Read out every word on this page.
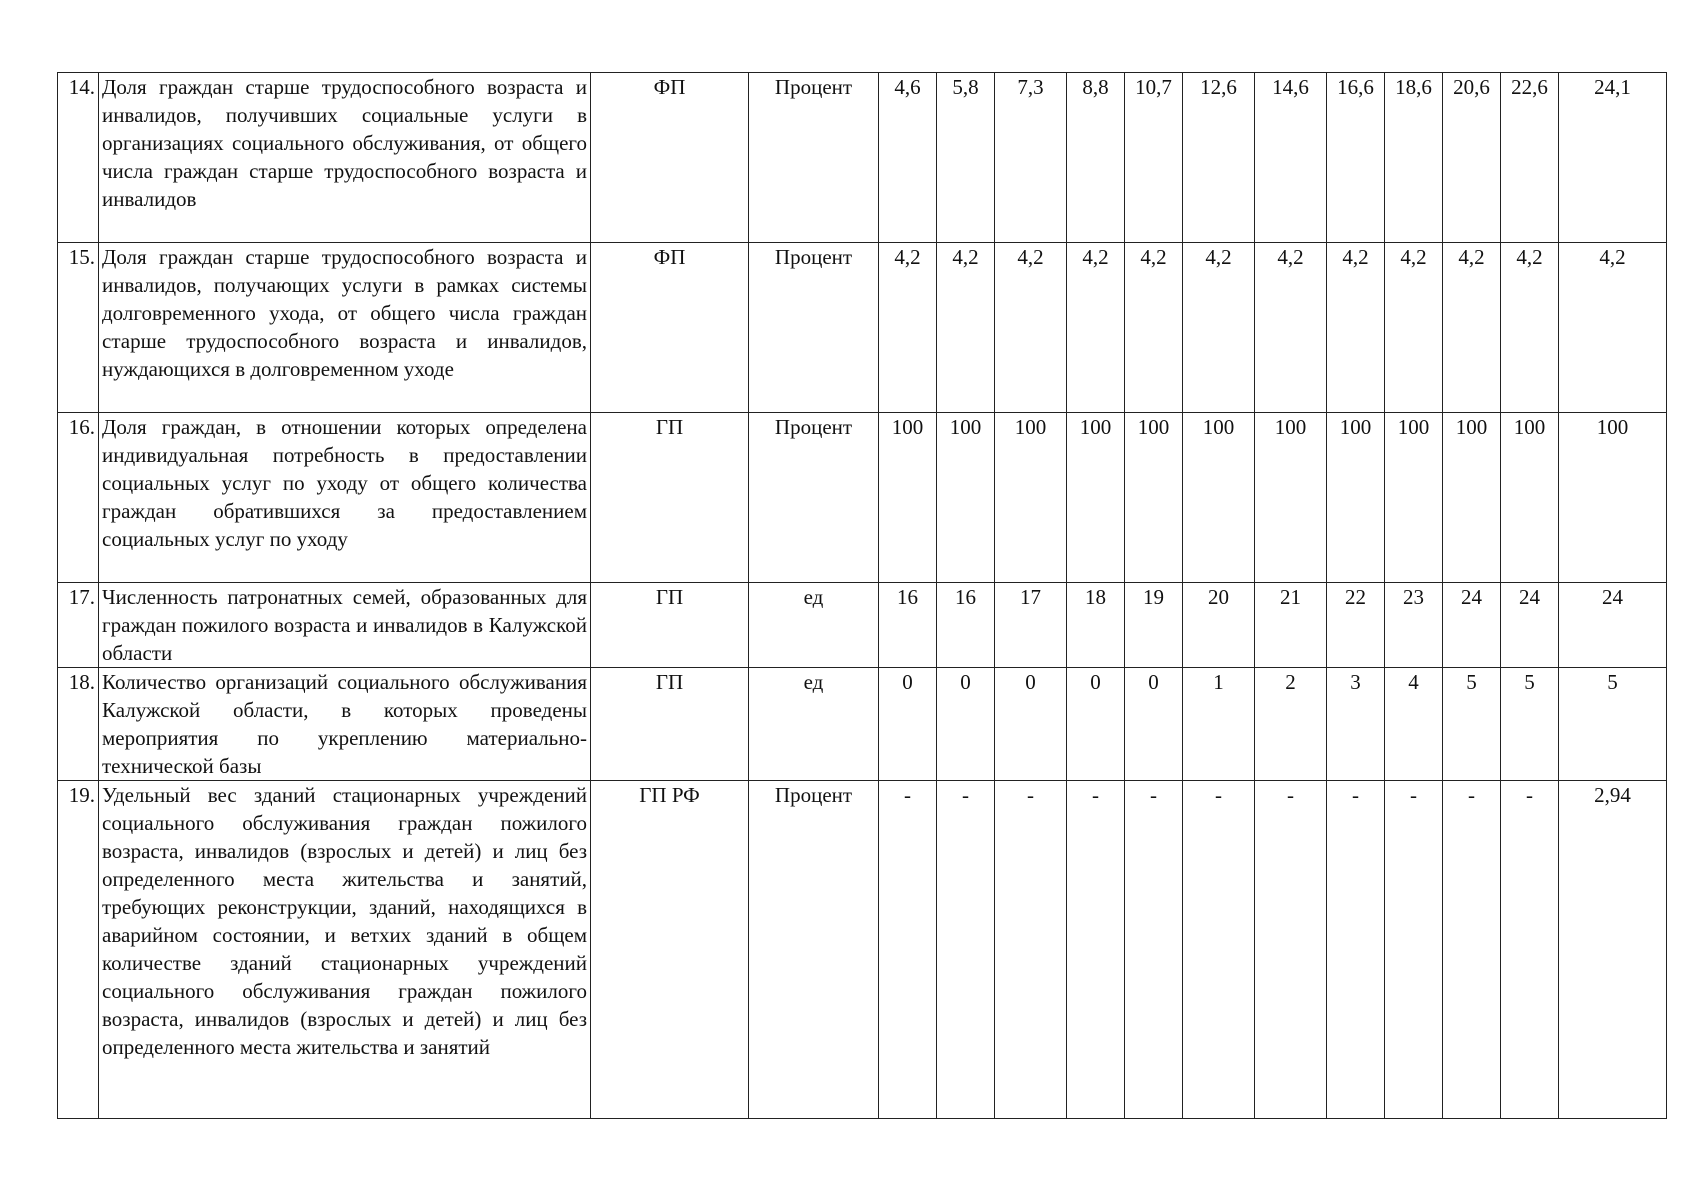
14.	Доля граждан старше трудоспособного возраста и инвалидов, получивших социальные услуги в организациях социального обслуживания, от общего числа граждан старше трудоспособного возраста и инвалидов	ФП	Процент	4,6	5,8	7,3	8,8	10,7	12,6	14,6	16,6	18,6	20,6	22,6	24,1
15.	Доля граждан старше трудоспособного возраста и инвалидов, получающих услуги в рамках системы долговременного ухода, от общего числа граждан старше трудоспособного возраста и инвалидов, нуждающихся в долговременном уходе	ФП	Процент	4,2	4,2	4,2	4,2	4,2	4,2	4,2	4,2	4,2	4,2	4,2	4,2
16.	Доля граждан, в отношении которых определена индивидуальная потребность в предоставлении социальных услуг по уходу от общего количества граждан обратившихся за предоставлением социальных услуг по уходу	ГП	Процент	100	100	100	100	100	100	100	100	100	100	100	100
17.	Численность патронатных семей, образованных для граждан пожилого возраста и инвалидов в Калужской области	ГП	ед	16	16	17	18	19	20	21	22	23	24	24	24
18.	Количество организаций социального обслуживания Калужской области, в которых проведены мероприятия по укреплению материально-технической базы	ГП	ед	0	0	0	0	0	1	2	3	4	5	5	5
19.	Удельный вес зданий стационарных учреждений социального обслуживания граждан пожилого возраста, инвалидов (взрослых и детей) и лиц без определенного места жительства и занятий, требующих реконструкции, зданий, находящихся в аварийном состоянии, и ветхих зданий в общем количестве зданий стационарных учреждений социального обслуживания граждан пожилого возраста, инвалидов (взрослых и детей) и лиц без определенного места жительства и занятий	ГП РФ	Процент	-	-	-	-	-	-	-	-	-	-	-	2,94
